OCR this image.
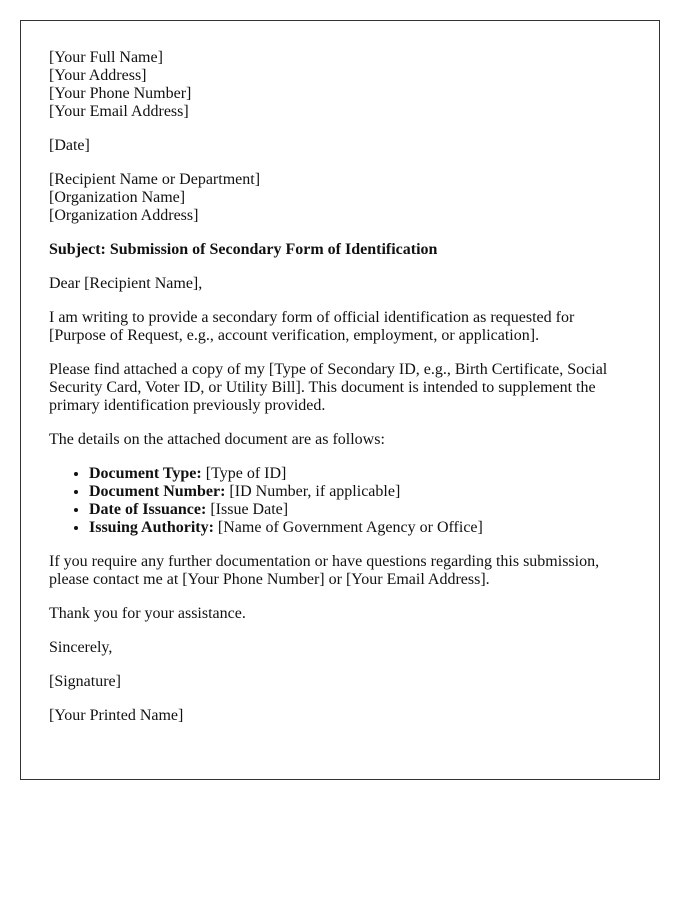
[Your Full Name]
[Your Address]
[Your Phone Number]
[Your Email Address]

[Date]

[Recipient Name or Department]
[Organization Name]
[Organization Address]

Subject: Submission of Secondary Form of Identification

Dear [Recipient Name],

I am writing to provide a secondary form of official identification as requested for [Purpose of Request, e.g., account verification, employment, or application].

Please find attached a copy of my [Type of Secondary ID, e.g., Birth Certificate, Social Security Card, Voter ID, or Utility Bill]. This document is intended to supplement the primary identification previously provided.

The details on the attached document are as follows:

• Document Type: [Type of ID]
• Document Number: [ID Number, if applicable]
• Date of Issuance: [Issue Date]
• Issuing Authority: [Name of Government Agency or Office]

If you require any further documentation or have questions regarding this submission, please contact me at [Your Phone Number] or [Your Email Address].

Thank you for your assistance.

Sincerely,

[Signature]

[Your Printed Name]
